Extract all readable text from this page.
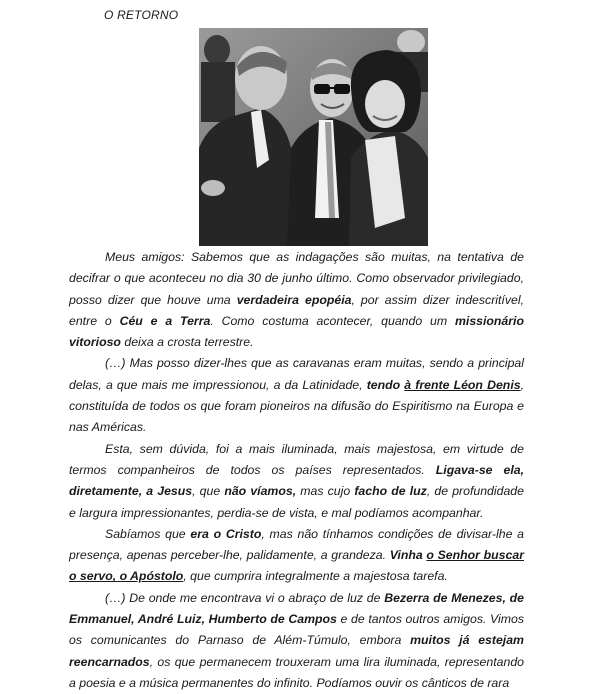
O RETORNO

Meus amigos: Sabemos que as indagações são muitas, na tentativa de decifrar o que aconteceu no dia 30 de junho último. Como observador privilegiado, posso dizer que houve uma verdadeira epopéia, por assim dizer indescritível, entre o Céu e a Terra. Como costuma acontecer, quando um missionário vitorioso deixa a crosta terrestre.

(…) Mas posso dizer-lhes que as caravanas eram muitas, sendo a principal delas, a que mais me impressionou, a da Latinidade, tendo à frente Léon Denis, constituída de todos os que foram pioneiros na difusão do Espiritismo na Europa e nas Américas.

Esta, sem dúvida, foi a mais iluminada, mais majestosa, em virtude de termos companheiros de todos os países representados. Ligava-se ela, diretamente, a Jesus, que não víamos, mas cujo facho de luz, de profundidade e largura impressionantes, perdia-se de vista, e mal podíamos acompanhar.

Sabíamos que era o Cristo, mas não tínhamos condições de divisar-lhe a presença, apenas perceber-lhe, palidamente, a grandeza. Vinha o Senhor buscar o servo, o Apóstolo, que cumprira integralmente a majestosa tarefa.

(…) De onde me encontrava vi o abraço de luz de Bezerra de Menezes, de Emmanuel, André Luiz, Humberto de Campos e de tantos outros amigos. Vimos os comunicantes do Parnaso de Além-Túmulo, embora muitos já estejam reencarnados, os que permanecem trouxeram uma lira iluminada, representando a poesia e a música permanentes do infinito. Podíamos ouvir os cânticos de rara
